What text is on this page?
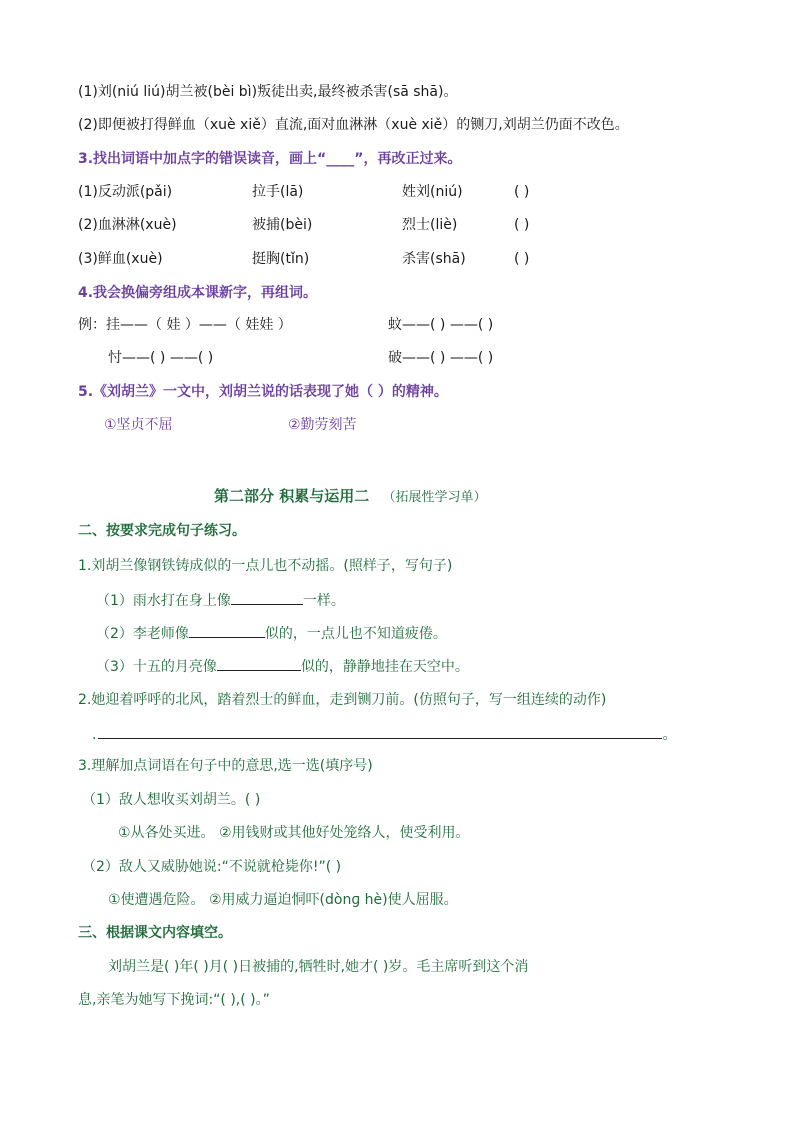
(1)刘(niú liú)胡兰被(bèi bì)叛徒出卖,最终被杀害(sā shā)。
(2)即便被打得鲜血（xuè xiě）直流,面对血淋淋（xuè xiě）的铡刀,刘胡兰仍面不改色。
3.找出词语中加点字的错误读音，画上“____”，再改正过来。
(1)反动派(pǎi)	拉手(lā)	姓刘(niú)	( )
(2)血淋淋(xuè)	被捕(bèi)	烈士(liè)	( )
(3)鲜血(xuè)	挺胸(tǐn)	杀害(shā)	( )
4.我会换偏旁组成本课新字，再组词。
例：挂——（ 娃 ）——（ 娃娃 ）	蚊——( ) ——( )
忖——( ) ——( )	破——( ) ——( )
5.《刘胡兰》一文中，刘胡兰说的话表现了她（ ）的精神。
①坚贞不屈	②勤劳刻苦
第二部分 积累与运用二 （拓展性学习单）
二、按要求完成句子练习。
1.刘胡兰像钢铁铸成似的一点儿也不动摇。(照样子，写句子)
（1）雨水打在身上像	一样。
（2）李老师像	似的，一点儿也不知道疲倦。
（3）十五的月亮像	似的，静静地挂在天空中。
2.她迎着呼呼的北风，踏着烈士的鲜血，走到铡刀前。(仿照句子，写一组连续的动作)
.	。
3.理解加点词语在句子中的意思,选一选(填序号)
（1）敌人想收买刘胡兰。( )
①从各处买进。 ②用钱财或其他好处笼络人，使受利用。
（2）敌人又威胁她说:“不说就枪毙你!”( )
①使遭遇危险。 ②用威力逼迫恫吓(dònɡ hè)使人屈服。
三、根据课文内容填空。
刘胡兰是( )年( )月( )日被捕的,牺牲时,她才( )岁。毛主席听到这个消
息,亲笔为她写下挽词:“( ),( )。”
